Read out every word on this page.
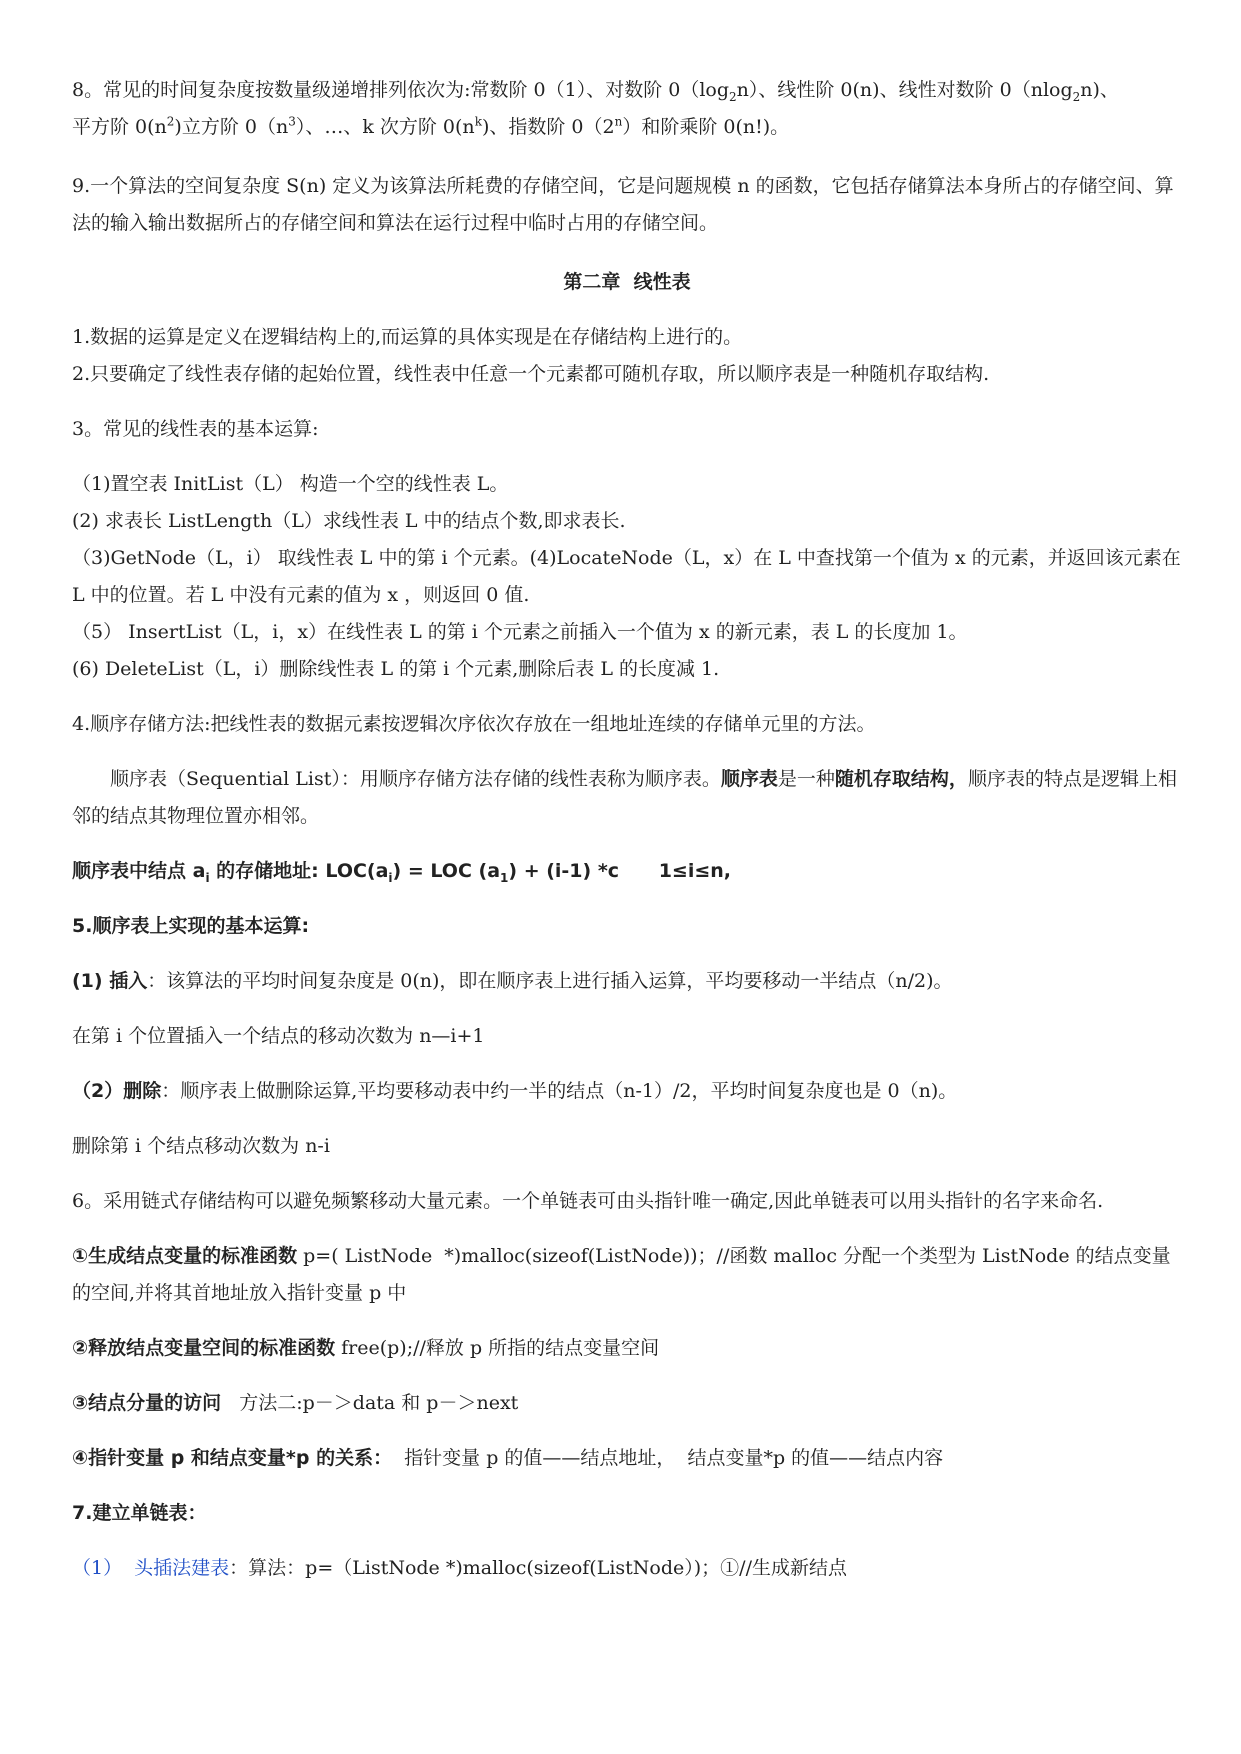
8。常见的时间复杂度按数量级递增排列依次为:常数阶 0（1）、对数阶 $0(\log_2n)$、线性阶 0(n)、线性对数阶 0（nlog$_2$n)、
平方阶 $0(n^2)$立方阶 $0(n^3)$、…、k 次方阶 $0(n^k)$、指数阶 0（2$^n$）和阶乘阶 0(n!)。

9.一个算法的空间复杂度 S(n) 定义为该算法所耗费的存储空间，它是问题规模 n 的函数，它包括存储算法本身所占的存储空间、算法的输入输出数据所占的存储空间和算法在运行过程中临时占用的存储空间。

第二章  线性表

1.数据的运算是定义在逻辑结构上的,而运算的具体实现是在存储结构上进行的。

2.只要确定了线性表存储的起始位置，线性表中任意一个元素都可随机存取，所以顺序表是一种随机存取结构.

3。常见的线性表的基本运算:

（1)置空表 InitList（L） 构造一个空的线性表 L。

(2) 求表长 ListLength（L）求线性表 L 中的结点个数,即求表长.

（3)GetNode（L，i） 取线性表 L 中的第 i 个元素。(4)LocateNode（L，x）在 L 中查找第一个值为 x 的元素，并返回该元素在 L 中的位置。若 L 中没有元素的值为 x ，则返回 0 值.

（5） InsertList（L，i，x）在线性表 L 的第 i 个元素之前插入一个值为 x 的新元素，表 L 的长度加 1。

(6) DeleteList（L，i）删除线性表 L 的第 i 个元素,删除后表 L 的长度减 1.

4.顺序存储方法:把线性表的数据元素按逻辑次序依次存放在一组地址连续的存储单元里的方法。

顺序表（Sequential List）：用顺序存储方法存储的线性表称为顺序表。顺序表是一种随机存取结构，顺序表的特点是逻辑上相邻的结点其物理位置亦相邻。

顺序表中结点 $a_i$ 的存储地址: $LOC(a_i)$ = LOC $(a_1) + (i-1)$ *c      1≤i≤n,

5.顺序表上实现的基本运算:

(1) 插入：该算法的平均时间复杂度是 0(n)，即在顺序表上进行插入运算，平均要移动一半结点（n/2)。

在第 i 个位置插入一个结点的移动次数为 n—i+1

（2）删除：顺序表上做删除运算,平均要移动表中约一半的结点（n-1）/2，平均时间复杂度也是 0（n)。

删除第 i 个结点移动次数为 n-i

6。采用链式存储结构可以避免频繁移动大量元素。一个单链表可由头指针唯一确定,因此单链表可以用头指针的名字来命名.

①生成结点变量的标准函数 p=( ListNode  *)malloc(sizeof(ListNode))；//函数 malloc 分配一个类型为 ListNode 的结点变量的空间,并将其首地址放入指针变量 p 中

②释放结点变量空间的标准函数 free(p);//释放 p 所指的结点变量空间

③结点分量的访问   方法二:p－＞data 和 p－＞next

④指针变量 p 和结点变量*p 的关系：  指针变量 p 的值——结点地址，  结点变量*p 的值——结点内容

7.建立单链表：

（1）  头插法建表：算法：p=（ListNode *)malloc(sizeof(ListNode）)；①//生成新结点
